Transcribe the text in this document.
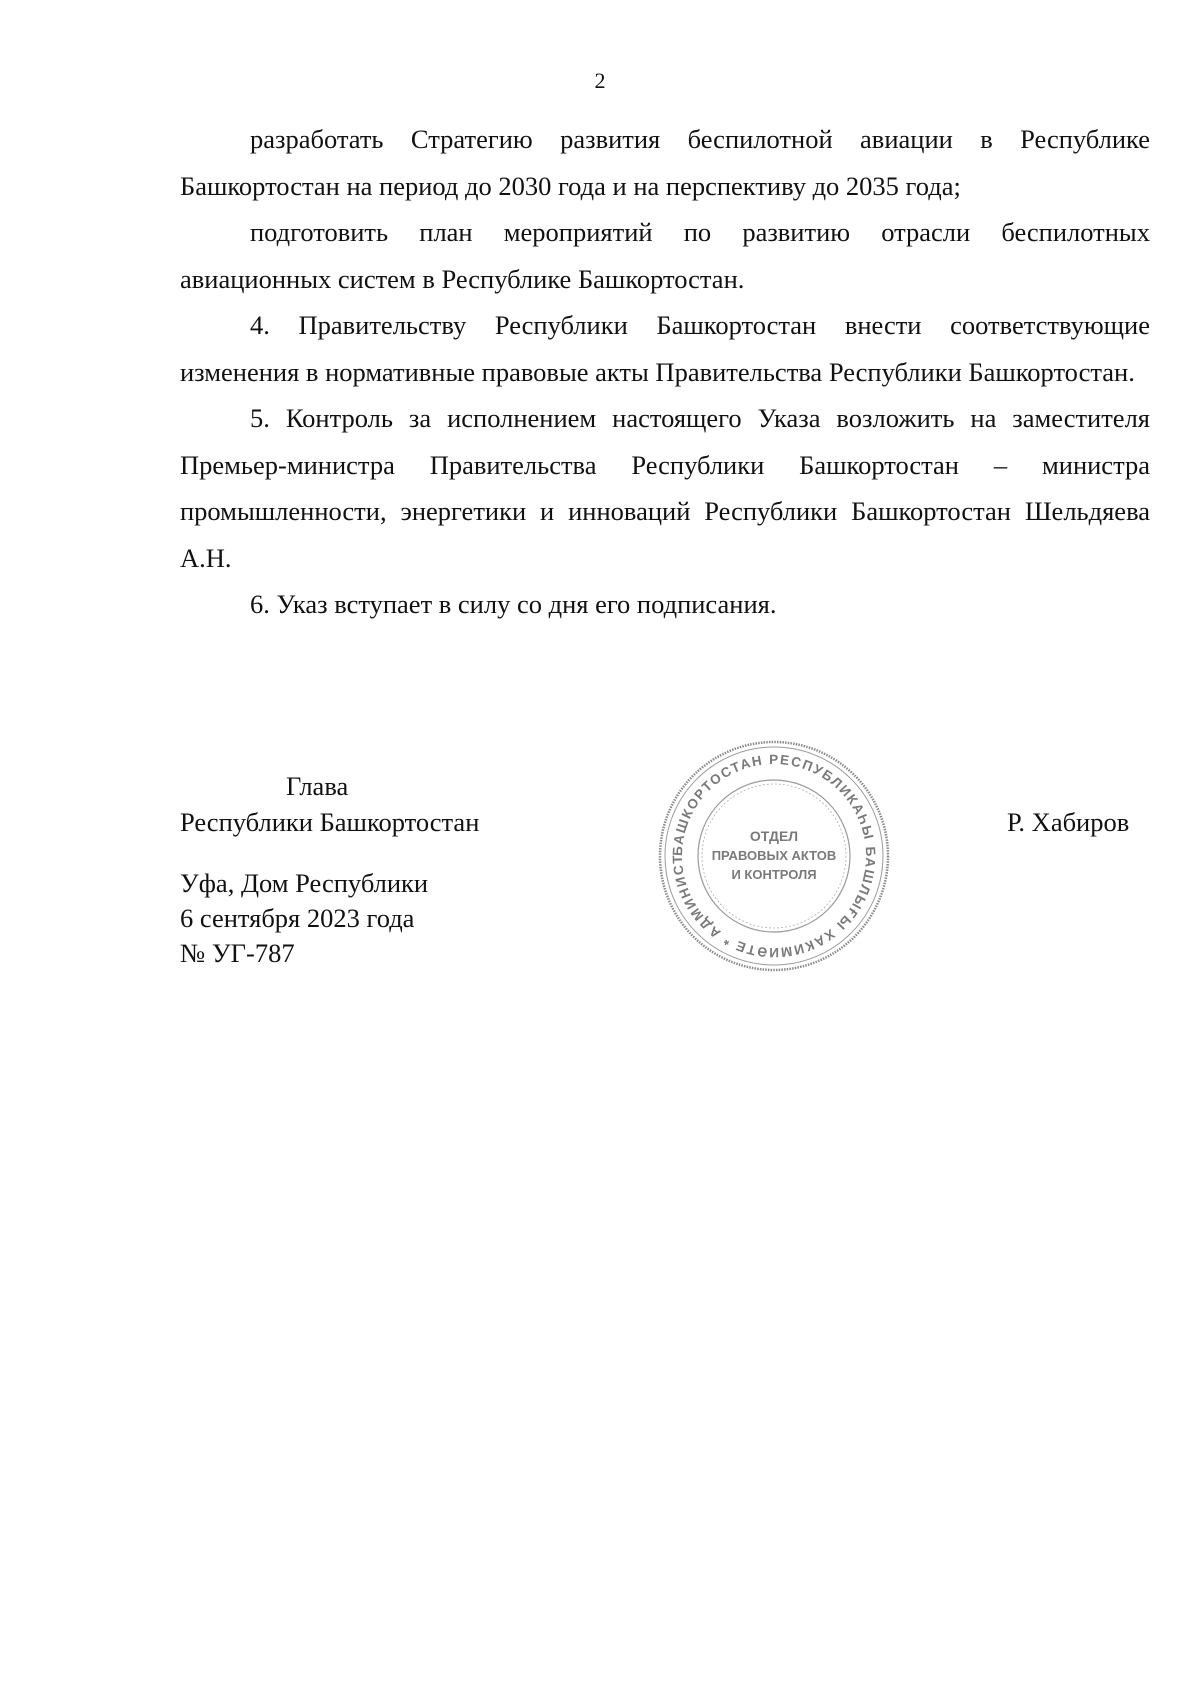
2

разработать Стратегию развития беспилотной авиации в Республике Башкортостан на период до 2030 года и на перспективу до 2035 года;

подготовить план мероприятий по развитию отрасли беспилотных авиационных систем в Республике Башкортостан.

4. Правительству Республики Башкортостан внести соответствующие изменения в нормативные правовые акты Правительства Республики Башкортостан.

5. Контроль за исполнением настоящего Указа возложить на заместителя Премьер-министра Правительства Республики Башкортостан – министра промышленности, энергетики и инноваций Республики Башкортостан Шельдяева А.Н.

6. Указ вступает в силу со дня его подписания.

Глава
Республики Башкортостан	Р. Хабиров
Уфа, Дом Республики
6 сентября 2023 года
№ УГ-787
БАШКОРТОСТАН РЕСПУБЛИКАҺЫ БАШЛЫҒЫ ХАКИМИӘТЕ * АДМИНИСТ
ОТДЕЛ
ПРАВОВЫХ АКТОВ
И КОНТРОЛЯ
